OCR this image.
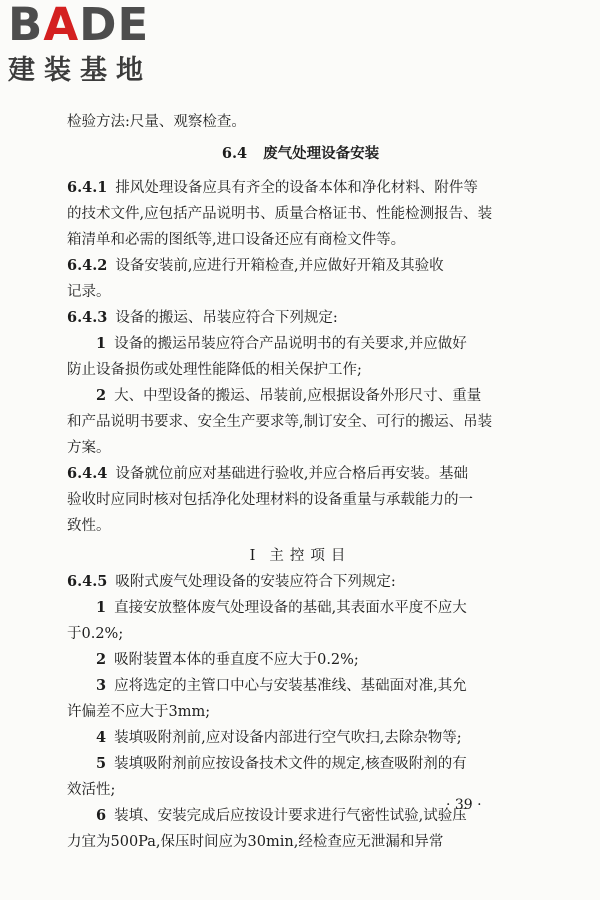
BADE
建装基地
检验方法:尺量、观察检查。
6.4 废气处理设备安装
6.4.1 排风处理设备应具有齐全的设备本体和净化材料、附件等
的技术文件,应包括产品说明书、质量合格证书、性能检测报告、装
箱清单和必需的图纸等,进口设备还应有商检文件等。
6.4.2 设备安装前,应进行开箱检查,并应做好开箱及其验收
记录。
6.4.3 设备的搬运、吊装应符合下列规定:
1 设备的搬运吊装应符合产品说明书的有关要求,并应做好
防止设备损伤或处理性能降低的相关保护工作;
2 大、中型设备的搬运、吊装前,应根据设备外形尺寸、重量
和产品说明书要求、安全生产要求等,制订安全、可行的搬运、吊装
方案。
6.4.4 设备就位前应对基础进行验收,并应合格后再安装。基础
验收时应同时核对包括净化处理材料的设备重量与承载能力的一
致性。
Ⅰ 主控项目
6.4.5 吸附式废气处理设备的安装应符合下列规定:
1 直接安放整体废气处理设备的基础,其表面水平度不应大
于0.2%;
2 吸附装置本体的垂直度不应大于0.2%;
3 应将选定的主管口中心与安装基准线、基础面对准,其允
许偏差不应大于3mm;
4 装填吸附剂前,应对设备内部进行空气吹扫,去除杂物等;
5 装填吸附剂前应按设备技术文件的规定,核查吸附剂的有
效活性;
6 装填、安装完成后应按设计要求进行气密性试验,试验压
力宜为500Pa,保压时间应为30min,经检查应无泄漏和异常
· 39 ·
